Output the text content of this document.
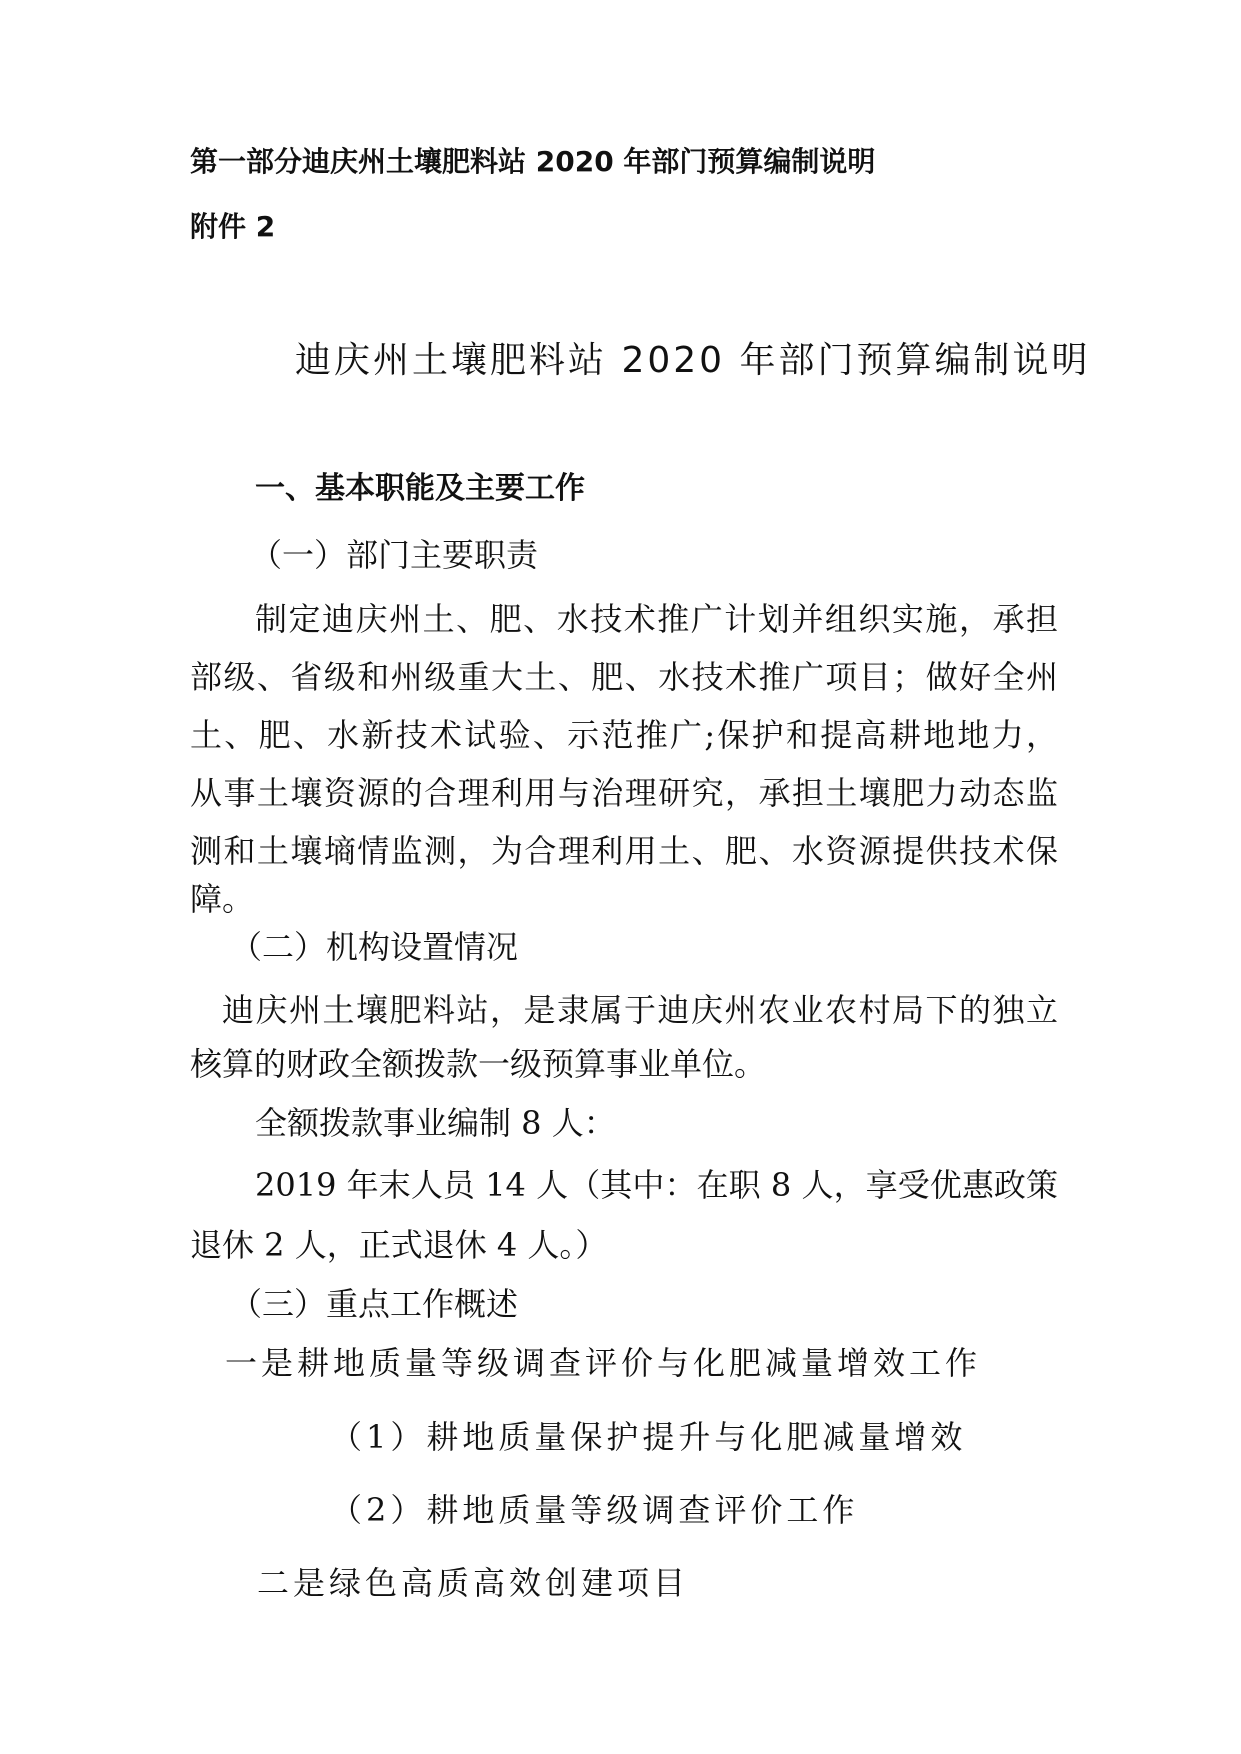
第一部分迪庆州土壤肥料站 2020 年部门预算编制说明
附件 2
迪庆州土壤肥料站 2020 年部门预算编制说明
一、基本职能及主要工作
（一）部门主要职责
制定迪庆州土、肥、水技术推广计划并组织实施，承担
部级、省级和州级重大土、肥、水技术推广项目；做好全州
土、肥、水新技术试验、示范推广;保护和提高耕地地力，
从事土壤资源的合理利用与治理研究，承担土壤肥力动态监
测和土壤墒情监测，为合理利用土、肥、水资源提供技术保
障。
（二）机构设置情况
迪庆州土壤肥料站，是隶属于迪庆州农业农村局下的独立
核算的财政全额拨款一级预算事业单位。
全额拨款事业编制 8 人：
2019 年末人员 14 人（其中：在职 8 人，享受优惠政策
退休 2 人，正式退休 4 人。）
（三）重点工作概述
一是耕地质量等级调查评价与化肥减量增效工作
（1）耕地质量保护提升与化肥减量增效
（2）耕地质量等级调查评价工作
二是绿色高质高效创建项目
